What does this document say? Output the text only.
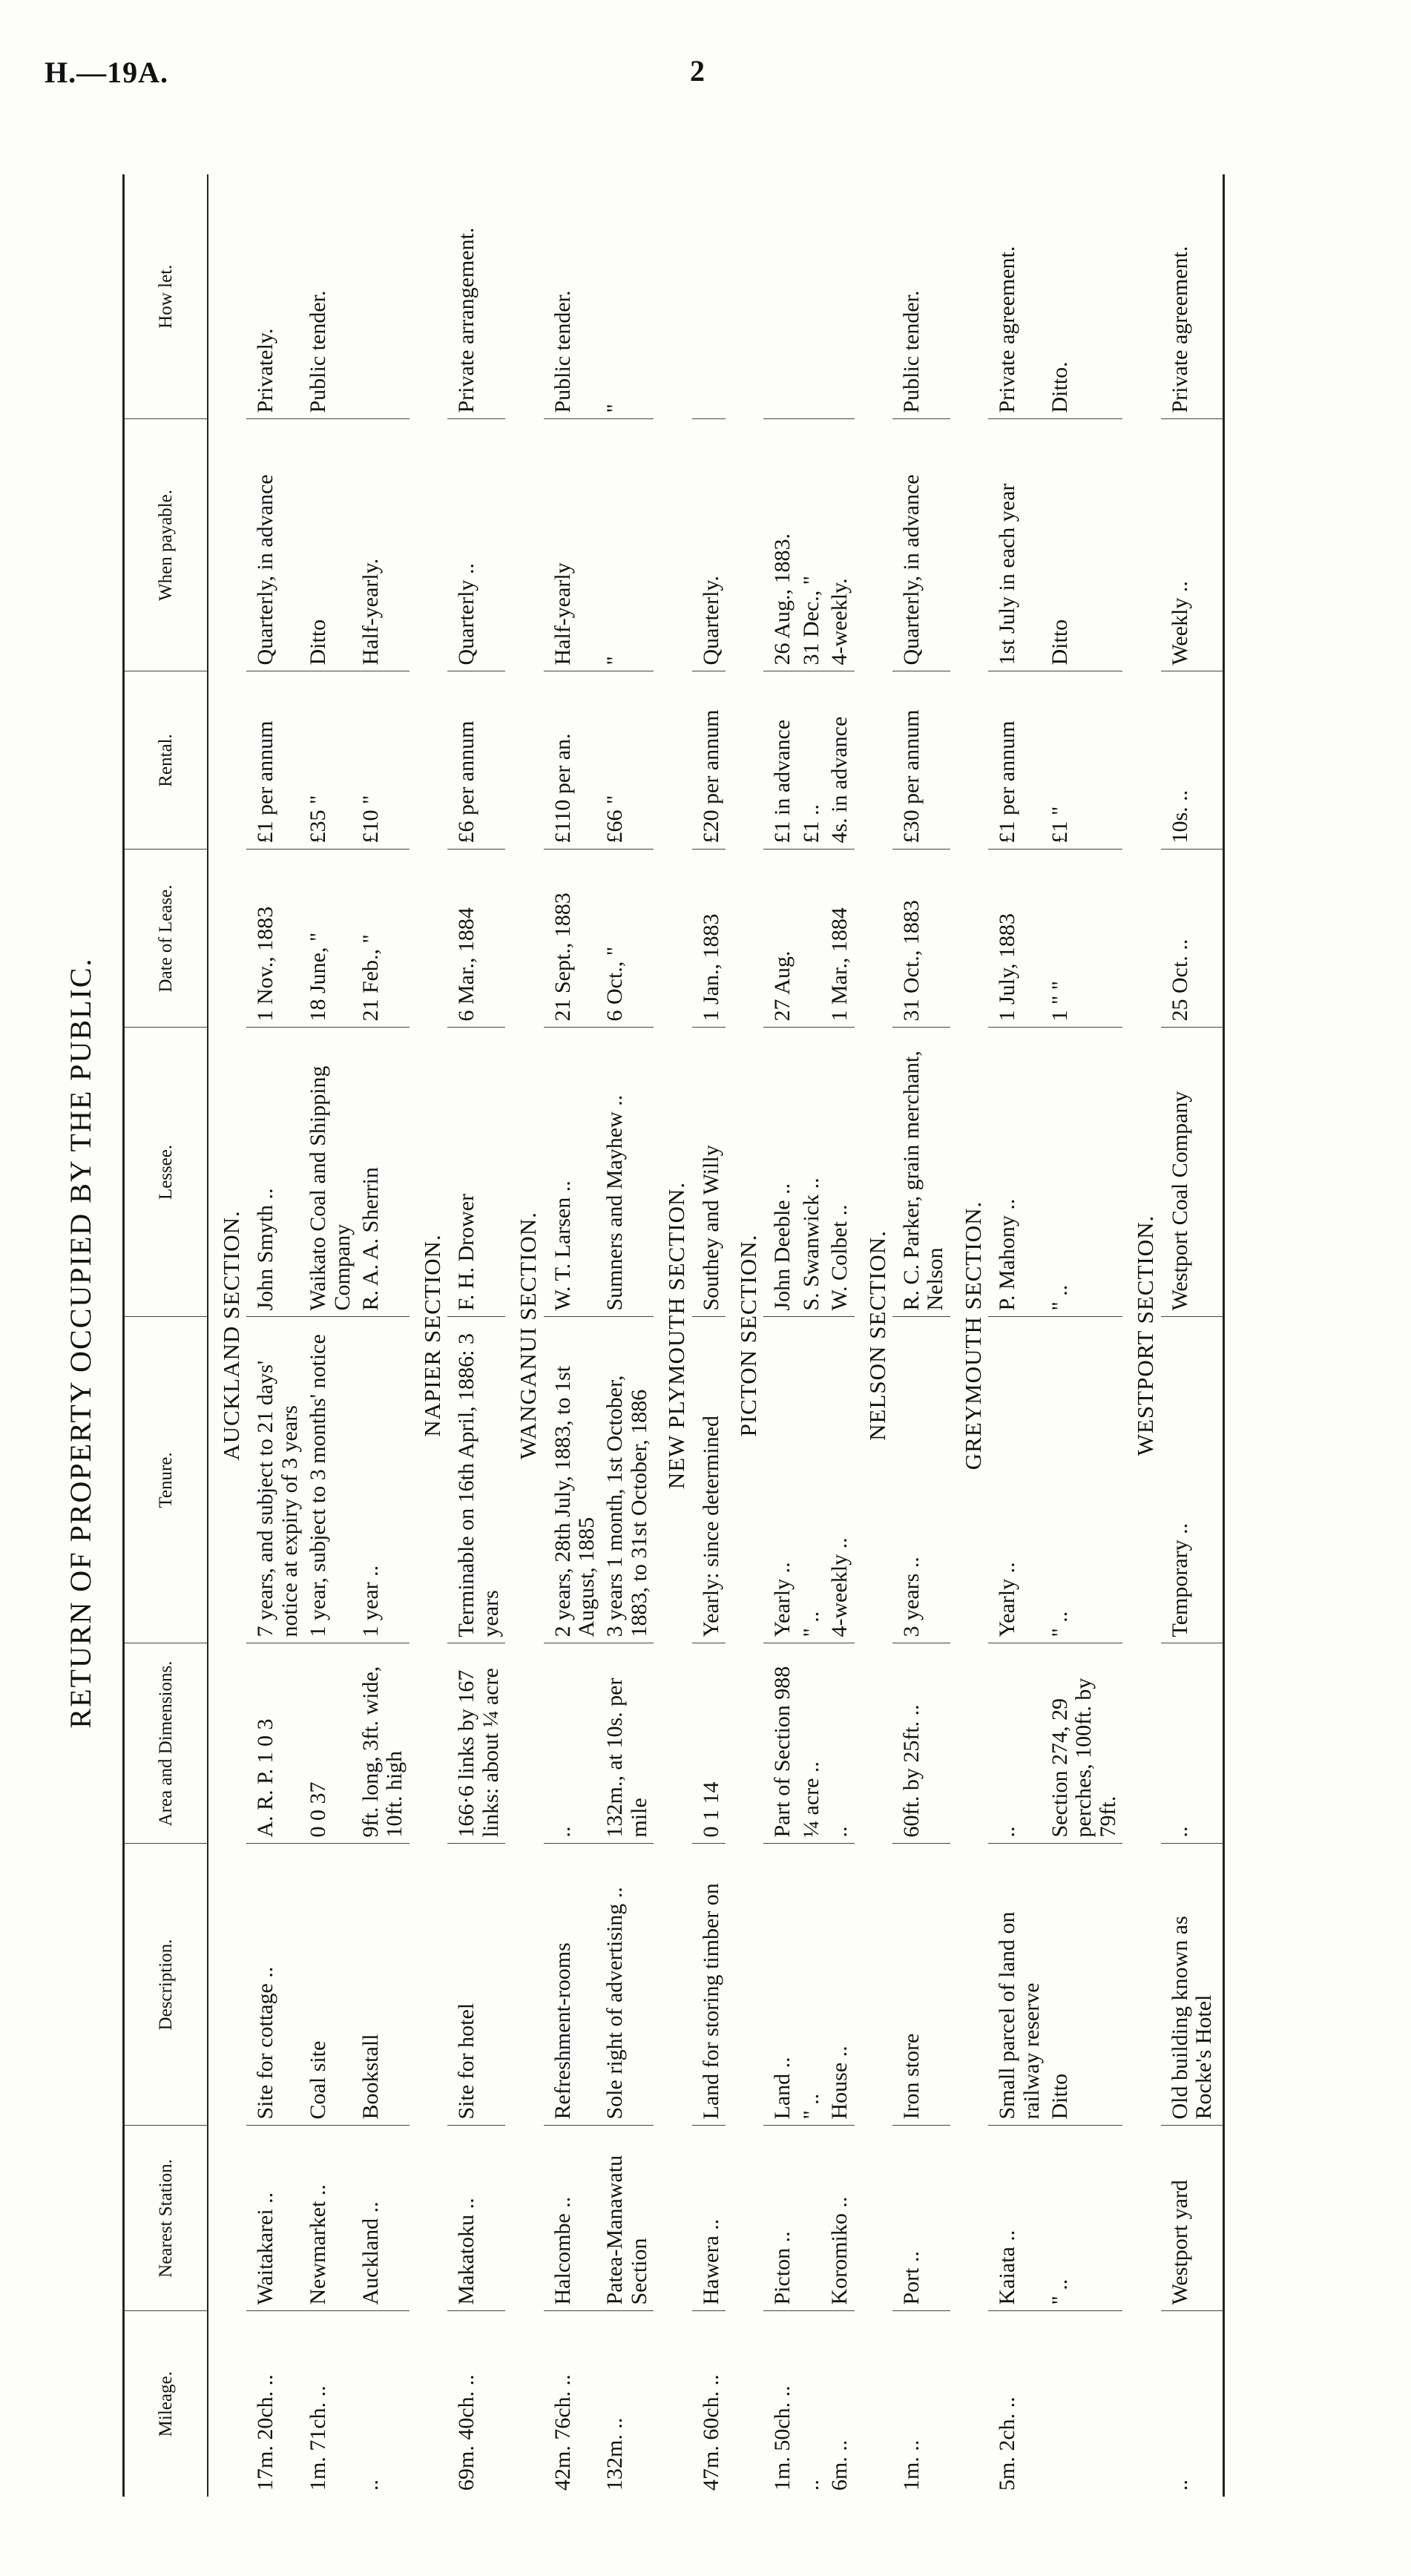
H.—19A.	2
RETURN OF PROPERTY OCCUPIED BY THE PUBLIC.
Mileage.	Nearest Station.	Description.	Area and Dimensions.	Tenure.	Lessee.	Date of Lease.	Rental.	When payable.	How let.
AUCKLAND SECTION.									
17m. 20ch. ..	Waitakarei ..	Site for cottage ..	A. R. P. 1 0 3	7 years, and subject to 21 days' notice at expiry of 3 years	John Smyth ..	1 Nov., 1883	£1 per annum	Quarterly, in advance	Privately.
1m. 71ch. ..	Newmarket ..	Coal site	0 0 37	1 year, subject to 3 months' notice	Waikato Coal and Shipping Company	18 June, "	£35 "	Ditto	Public tender.
..	Auckland ..	Bookstall	9ft. long, 3ft. wide, 10ft. high	1 year ..	R. A. A. Sherrin	21 Feb., "	£10 "	Half-yearly.	
NAPIER SECTION.									
69m. 40ch. ..	Makatoku ..	Site for hotel	166·6 links by 167 links: about ¼ acre	Terminable on 16th April, 1886: 3 years	F. H. Drower	6 Mar., 1884	£6 per annum	Quarterly ..	Private arrangement.
WANGANUI SECTION.									
42m. 76ch. ..	Halcombe ..	Refreshment-rooms	..	2 years, 28th July, 1883, to 1st August, 1885	W. T. Larsen ..	21 Sept., 1883	£110 per an.	Half-yearly	Public tender.
132m. ..	Patea-Manawatu Section	Sole right of advertising ..	132m., at 10s. per mile	3 years 1 month, 1st October, 1883, to 31st October, 1886	Sumners and Mayhew ..	6 Oct., "	£66 "	"	"
NEW PLYMOUTH SECTION.									
47m. 60ch. ..	Hawera ..	Land for storing timber on	0 1 14	Yearly: since determined	Southey and Willy	1 Jan., 1883	£20 per annum	Quarterly.	
PICTON SECTION.									
1m. 50ch. ..	Picton ..	Land ..	Part of Section 988	Yearly ..	John Deeble ..	27 Aug.	£1 in advance	26 Aug., 1883.	
..		" ..	¼ acre ..	" ..	S. Swanwick ..		£1 ..	31 Dec., "	
6m. ..	Koromiko ..	House ..	..	4-weekly ..	W. Colbet ..	1 Mar., 1884	4s. in advance	4-weekly.	
NELSON SECTION.									
1m. ..	Port ..	Iron store	60ft. by 25ft. ..	3 years ..	R. C. Parker, grain merchant, Nelson	31 Oct., 1883	£30 per annum	Quarterly, in advance	Public tender.
GREYMOUTH SECTION.									
5m. 2ch. ..	Kaiata ..	Small parcel of land on railway reserve	..	Yearly ..	P. Mahony ..	1 July, 1883	£1 per annum	1st July in each year	Private agreement.
	" ..	Ditto	Section 274, 29 perches, 100ft. by 79ft.	" ..	" ..	1 " "	£1 "	Ditto	Ditto.
WESTPORT SECTION.									
..	Westport yard	Old building known as Rocke's Hotel	..	Temporary ..	Westport Coal Company	25 Oct. ..	10s. ..	Weekly ..	Private agreement.
